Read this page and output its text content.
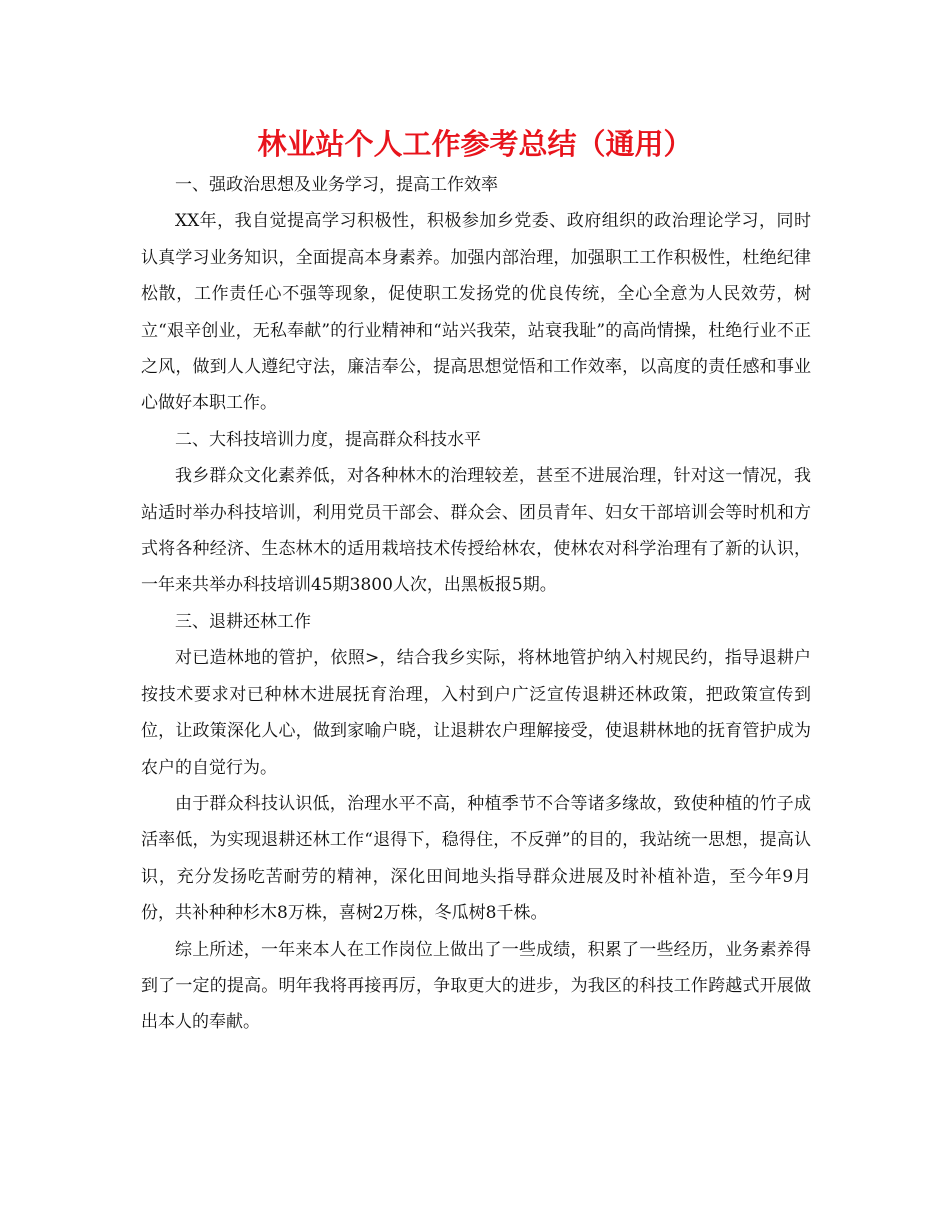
林业站个人工作参考总结（通用）

一、强政治思想及业务学习，提高工作效率

XX年，我自觉提高学习积极性，积极参加乡党委、政府组织的政治理论学习，同时认真学习业务知识，全面提高本身素养。加强内部治理，加强职工工作积极性，杜绝纪律松散，工作责任心不强等现象，促使职工发扬党的优良传统，全心全意为人民效劳，树立“艰辛创业，无私奉献”的行业精神和“站兴我荣，站衰我耻”的高尚情操，杜绝行业不正之风，做到人人遵纪守法，廉洁奉公，提高思想觉悟和工作效率，以高度的责任感和事业心做好本职工作。

二、大科技培训力度，提高群众科技水平

我乡群众文化素养低，对各种林木的治理较差，甚至不进展治理，针对这一情况，我站适时举办科技培训，利用党员干部会、群众会、团员青年、妇女干部培训会等时机和方式将各种经济、生态林木的适用栽培技术传授给林农，使林农对科学治理有了新的认识，一年来共举办科技培训45期3800人次，出黑板报5期。

三、退耕还林工作

对已造林地的管护，依照>，结合我乡实际，将林地管护纳入村规民约，指导退耕户按技术要求对已种林木进展抚育治理，入村到户广泛宣传退耕还林政策，把政策宣传到位，让政策深化人心，做到家喻户晓，让退耕农户理解接受，使退耕林地的抚育管护成为农户的自觉行为。

由于群众科技认识低，治理水平不高，种植季节不合等诸多缘故，致使种植的竹子成活率低，为实现退耕还林工作“退得下，稳得住，不反弹”的目的，我站统一思想，提高认识，充分发扬吃苦耐劳的精神，深化田间地头指导群众进展及时补植补造，至今年9月份，共补种种杉木8万株，喜树2万株，冬瓜树8千株。

综上所述，一年来本人在工作岗位上做出了一些成绩，积累了一些经历，业务素养得到了一定的提高。明年我将再接再厉，争取更大的进步，为我区的科技工作跨越式开展做出本人的奉献。
